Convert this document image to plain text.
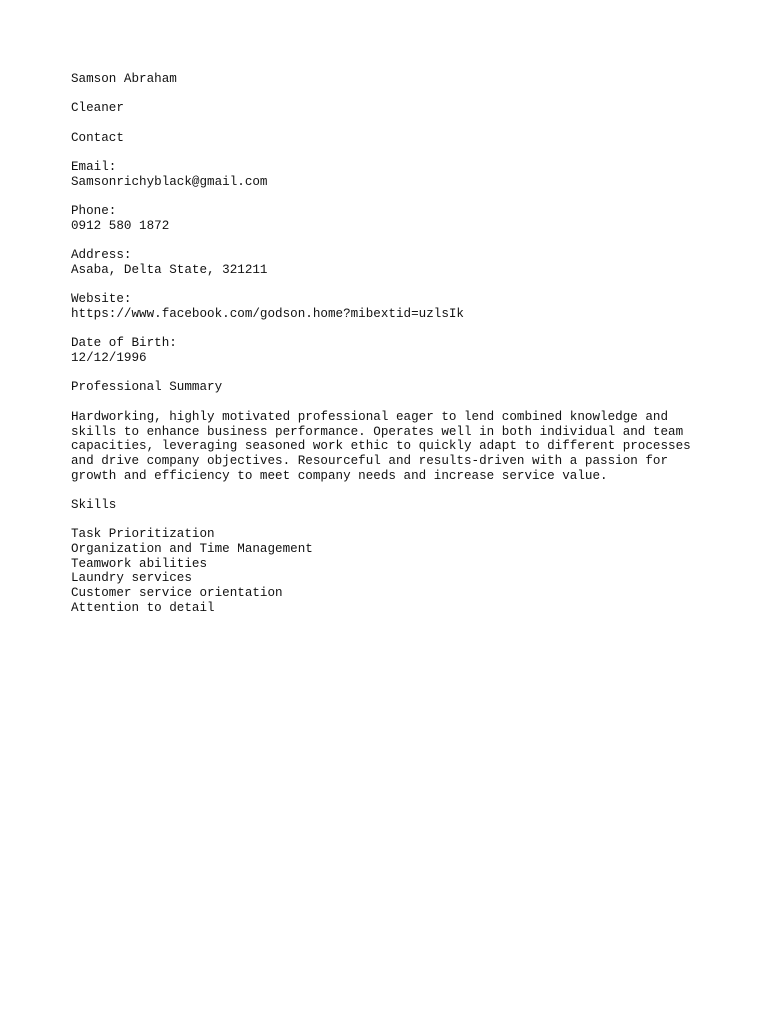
Samson Abraham
Cleaner
Contact
Email:
Samsonrichyblack@gmail.com
Phone:
0912 580 1872
Address:
Asaba, Delta State, 321211
Website:
https://www.facebook.com/godson.home?mibextid=uzlsIk
Date of Birth:
12/12/1996
Professional Summary
Hardworking, highly motivated professional eager to lend combined knowledge and
skills to enhance business performance. Operates well in both individual and team
capacities, leveraging seasoned work ethic to quickly adapt to different processes
and drive company objectives. Resourceful and results-driven with a passion for
growth and efficiency to meet company needs and increase service value.
Skills
Task Prioritization
Organization and Time Management
Teamwork abilities
Laundry services
Customer service orientation
Attention to detail
